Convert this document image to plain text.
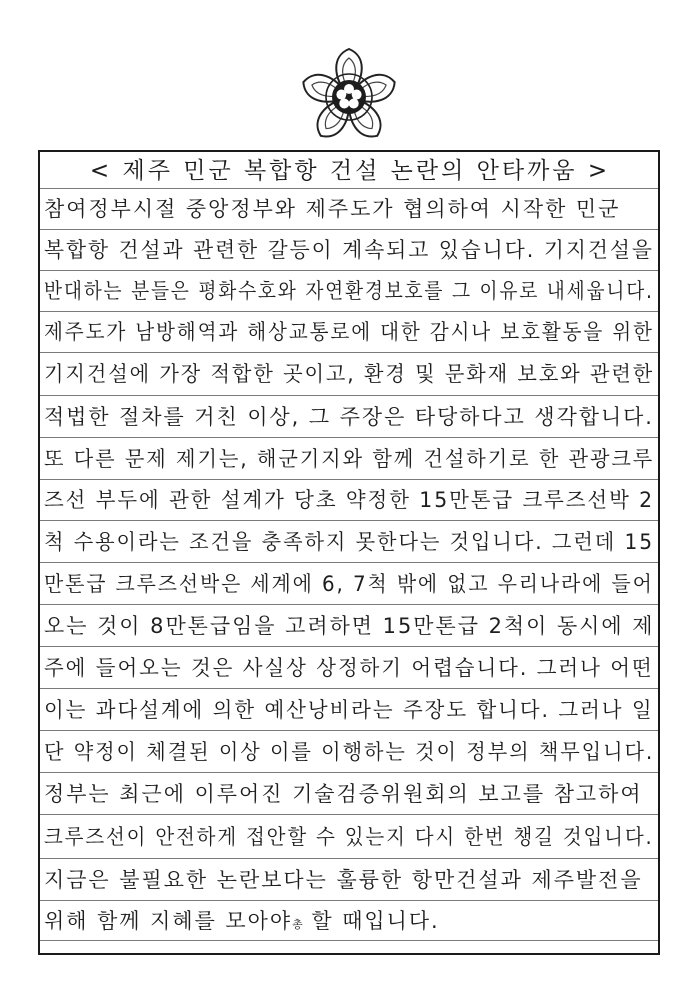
< 제주 민군 복합항 건설 논란의 안타까움 >
참여정부시절 중앙정부와 제주도가 협의하여 시작한 민군
복합항 건설과 관련한 갈등이 계속되고 있습니다. 기지건설을
반대하는 분들은 평화수호와 자연환경보호를 그 이유로 내세웁니다.
제주도가 남방해역과 해상교통로에 대한 감시나 보호활동을 위한
기지건설에 가장 적합한 곳이고, 환경 및 문화재 보호와 관련한
적법한 절차를 거친 이상, 그 주장은 타당하다고 생각합니다.
또 다른 문제 제기는, 해군기지와 함께 건설하기로 한 관광크루
즈선 부두에 관한 설계가 당초 약정한 15만톤급 크루즈선박 2
척 수용이라는 조건을 충족하지 못한다는 것입니다. 그런데 15
만톤급 크루즈선박은 세계에 6, 7척 밖에 없고 우리나라에 들어
오는 것이 8만톤급임을 고려하면 15만톤급 2척이 동시에 제
주에 들어오는 것은 사실상 상정하기 어렵습니다. 그러나 어떤
이는 과다설계에 의한 예산낭비라는 주장도 합니다. 그러나 일
단 약정이 체결된 이상 이를 이행하는 것이 정부의 책무입니다.
정부는 최근에 이루어진 기술검증위원회의 보고를 참고하여
크루즈선이 안전하게 접안할 수 있는지 다시 한번 챙길 것입니다.
지금은 불필요한 논란보다는 훌륭한 항만건설과 제주발전을
위해 함께 지혜를 모아야총 할 때입니다.
